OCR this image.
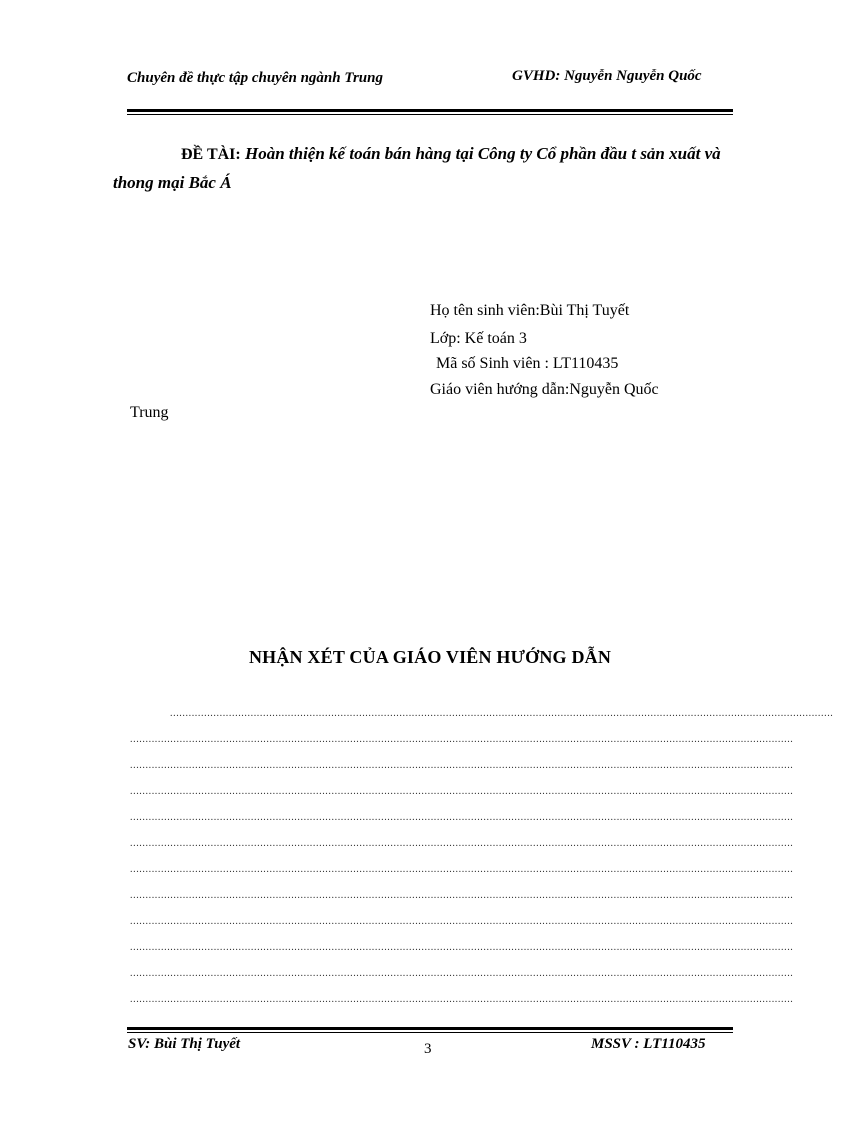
Chuyên đề thực tập chuyên ngành Trung	GVHD: Nguyễn Nguyễn Quốc
ĐỀ TÀI: Hoàn thiện kế toán bán hàng tại Công ty Cổ phần đầu t sản xuất và thong mại Bắc Á
Họ tên sinh viên:Bùi Thị Tuyết
Lớp: Kế toán 3
Mã số Sinh viên : LT110435
Giáo viên hướng dẫn:Nguyễn Quốc
Trung
NHẬN XÉT CỦA GIÁO VIÊN HƯỚNG DẪN
......................................................................................................................................................................................................................
......................................................................................................................................................................................................................
......................................................................................................................................................................................................................
......................................................................................................................................................................................................................
......................................................................................................................................................................................................................
......................................................................................................................................................................................................................
......................................................................................................................................................................................................................
......................................................................................................................................................................................................................
......................................................................................................................................................................................................................
......................................................................................................................................................................................................................
......................................................................................................................................................................................................................
......................................................................................................................................................................................................................
SV: Bùi Thị Tuyết	3	MSSV : LT110435
